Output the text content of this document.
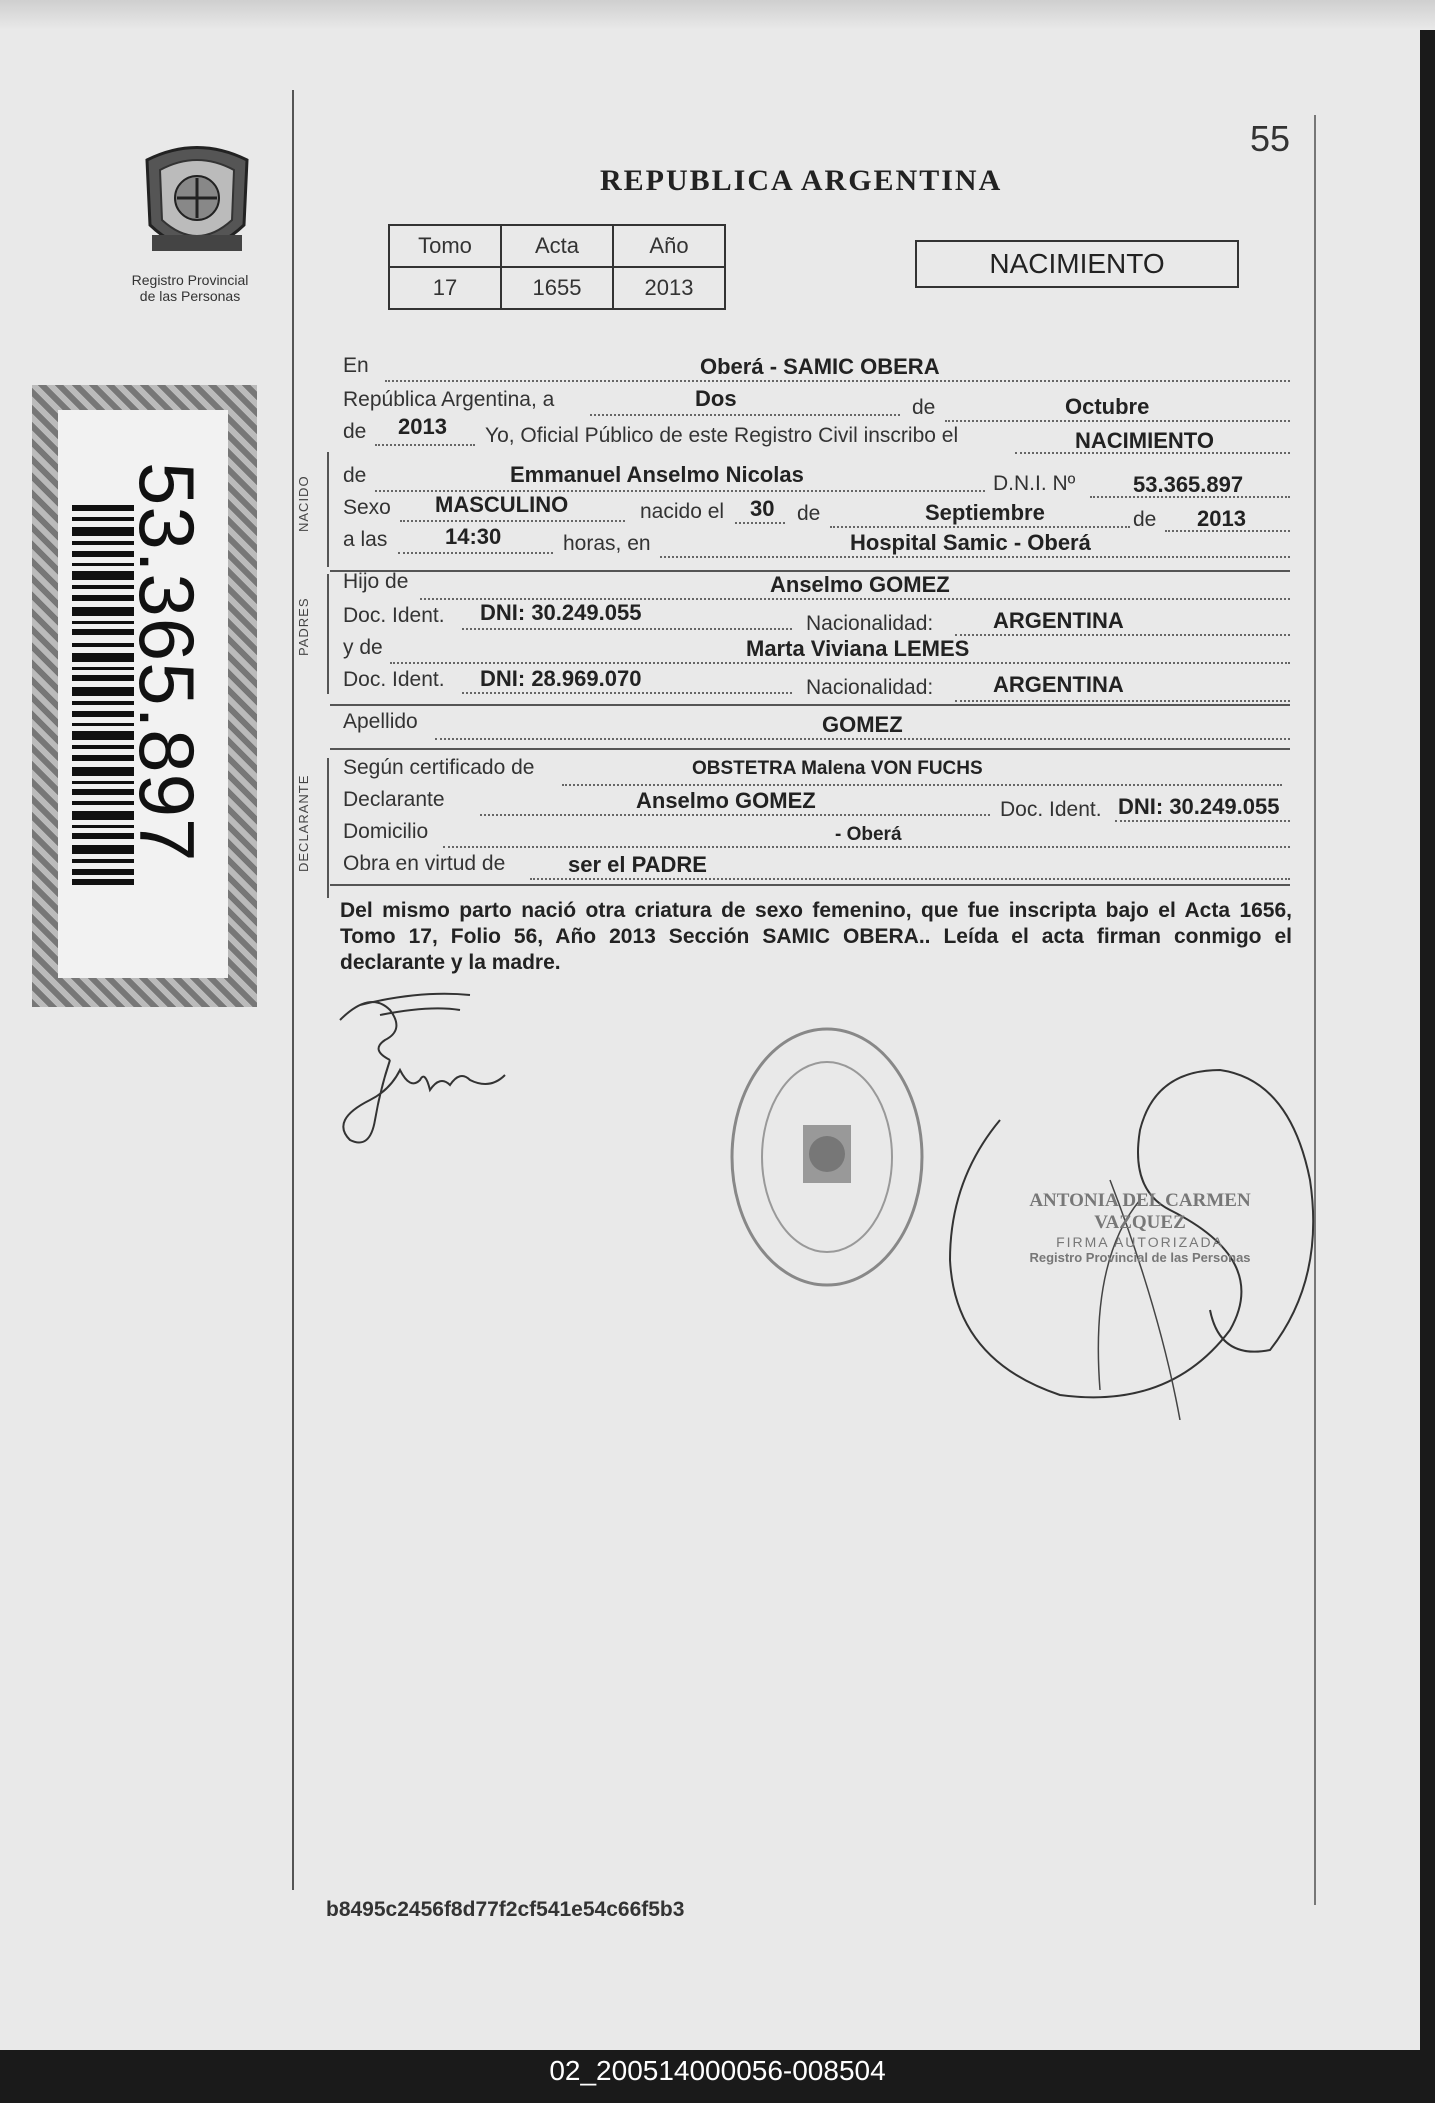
55
Registro Provincial
de las Personas
53.365.897
REPUBLICA ARGENTINA
Tomo	Acta	Año
17	1655	2013
NACIMIENTO
En	Oberá - SAMIC OBERA
República Argentina, a	Dos	de	Octubre
de 2013 Yo, Oficial Público de este Registro Civil inscribo el	NACIMIENTO
NACIDO de	Emmanuel Anselmo Nicolas	D.N.I. Nº	53.365.897
Sexo MASCULINO	nacido el 30 de	Septiembre	de 2013
a las	14:30	horas, en	Hospital Samic - Oberá
PADRES
Hijo de	Anselmo GOMEZ
Doc. Ident. DNI: 30.249.055	Nacionalidad:	ARGENTINA
y de	Marta Viviana LEMES
Doc. Ident. DNI: 28.969.070	Nacionalidad:	ARGENTINA
Apellido	GOMEZ
DECLARANTE
Según certificado de	OBSTETRA Malena VON FUCHS
Declarante	Anselmo GOMEZ	Doc. Ident. DNI: 30.249.055
Domicilio	- Oberá
Obra en virtud de	ser el PADRE
Del mismo parto nació otra criatura de sexo femenino, que fue inscripta bajo el Acta 1656, Tomo 17, Folio 56, Año 2013 Sección SAMIC OBERA.. Leída el acta firman conmigo el declarante y la madre.
ANTONIA DEL CARMEN VAZQUEZ
FIRMA AUTORIZADA
Registro Provincial de las Personas
b8495c2456f8d77f2cf541e54c66f5b3
02_200514000056-008504
